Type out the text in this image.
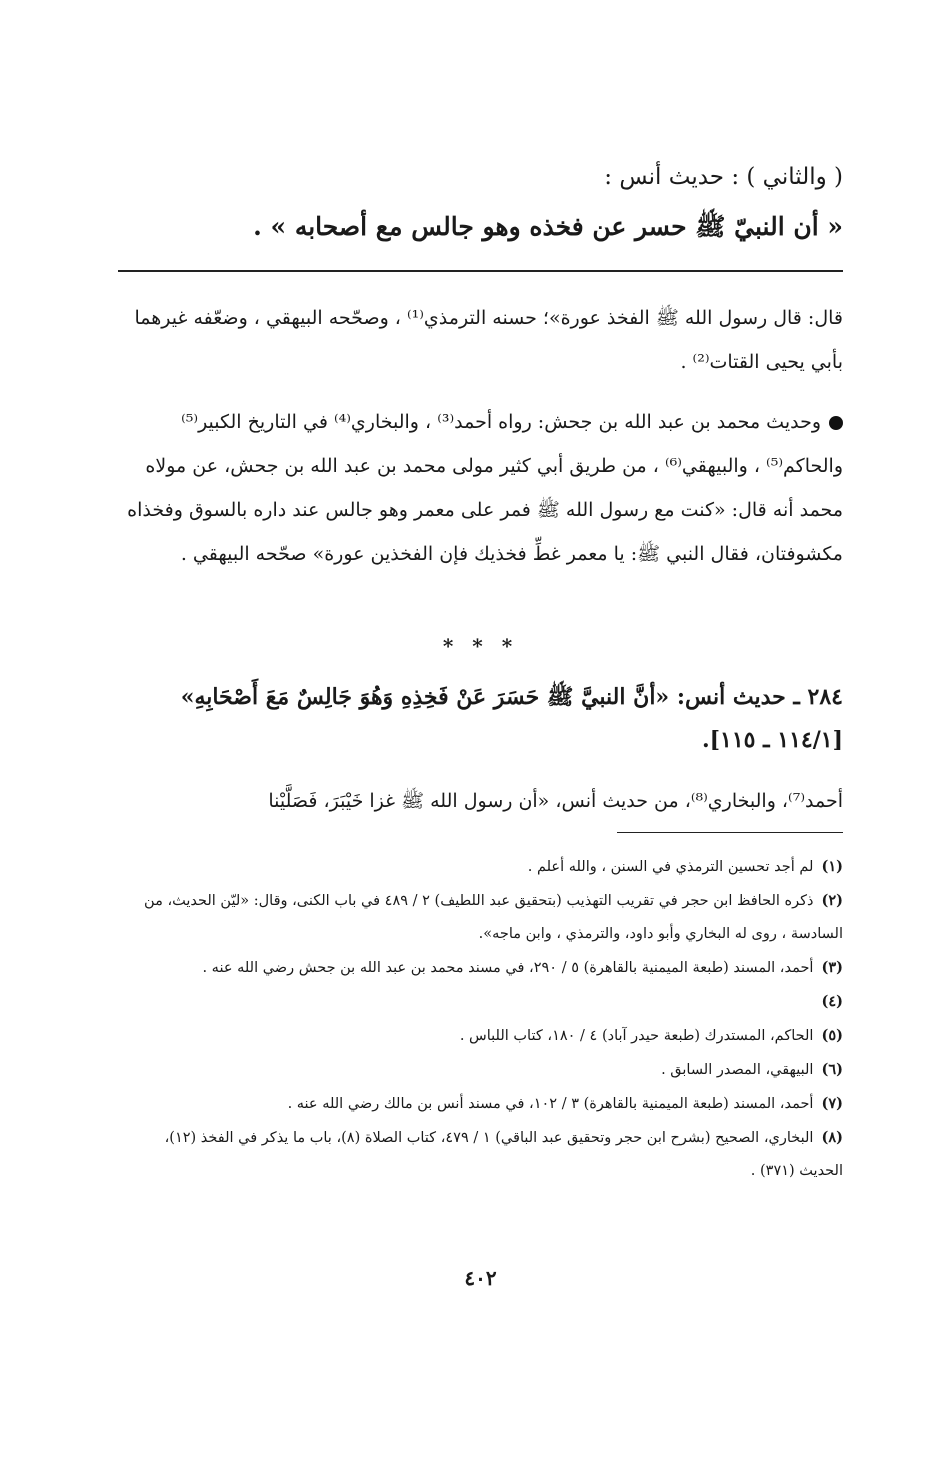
( والثاني ) : حديث أنس :
« أن النبيّ ﷺ حسر عن فخذه وهو جالس مع أصحابه » .
قال: قال رسول الله ﷺ الفخذ عورة»؛ حسنه الترمذي⁽¹⁾ ، وصحّحه البيهقي ، وضعّفه غيرهما بأبي يحيى القتات⁽²⁾ .
وحديث محمد بن عبد الله بن جحش: رواه أحمد⁽³⁾ ، والبخاري⁽⁴⁾ في التاريخ الكبير⁽⁵⁾ والحاكم⁽⁵⁾ ، والبيهقي⁽⁶⁾ ، من طريق أبي كثير مولى محمد بن عبد الله بن جحش، عن مولاه محمد أنه قال: «كنت مع رسول الله ﷺ فمر على معمر وهو جالس عند داره بالسوق وفخذاه مكشوفتان، فقال النبي ﷺ: يا معمر غطِّ فخذيك فإن الفخذين عورة» صحّحه البيهقي .
* * *
٢٨٤ ـ حديث أنس: «أنَّ النبيَّ ﷺ حَسَرَ عَنْ فَخِذِهِ وَهُوَ جَالِسٌ مَعَ أَصْحَابِهِ» [١١٤/١ ـ ١١٥].
أحمد⁽⁷⁾، والبخاري⁽⁸⁾، من حديث أنس، «أن رسول الله ﷺ غزا خَيْبَرَ، فَصَلَّيْنا
(١)لم أجد تحسين الترمذي في السنن ، والله أعلم .
(٢)ذكره الحافظ ابن حجر في تقريب التهذيب (بتحقيق عبد اللطيف) ٢ / ٤٨٩ في باب الكنى، وقال: «ليّن الحديث، من السادسة ، روى له البخاري وأبو داود، والترمذي ، وابن ماجه».
(٣)أحمد، المسند (طبعة الميمنية بالقاهرة) ٥ / ٢٩٠، في مسند محمد بن عبد الله بن جحش رضي الله عنه .
(٤)
(٥)الحاكم، المستدرك (طبعة حيدر آباد) ٤ / ١٨٠، كتاب اللباس .
(٦)البيهقي، المصدر السابق .
(٧)أحمد، المسند (طبعة الميمنية بالقاهرة) ٣ / ١٠٢، في مسند أنس بن مالك رضي الله عنه .
(٨)البخاري، الصحيح (بشرح ابن حجر وتحقيق عبد الباقي) ١ / ٤٧٩، كتاب الصلاة (٨)، باب ما يذكر في الفخذ (١٢)، الحديث (٣٧١) .
٤٠٢
